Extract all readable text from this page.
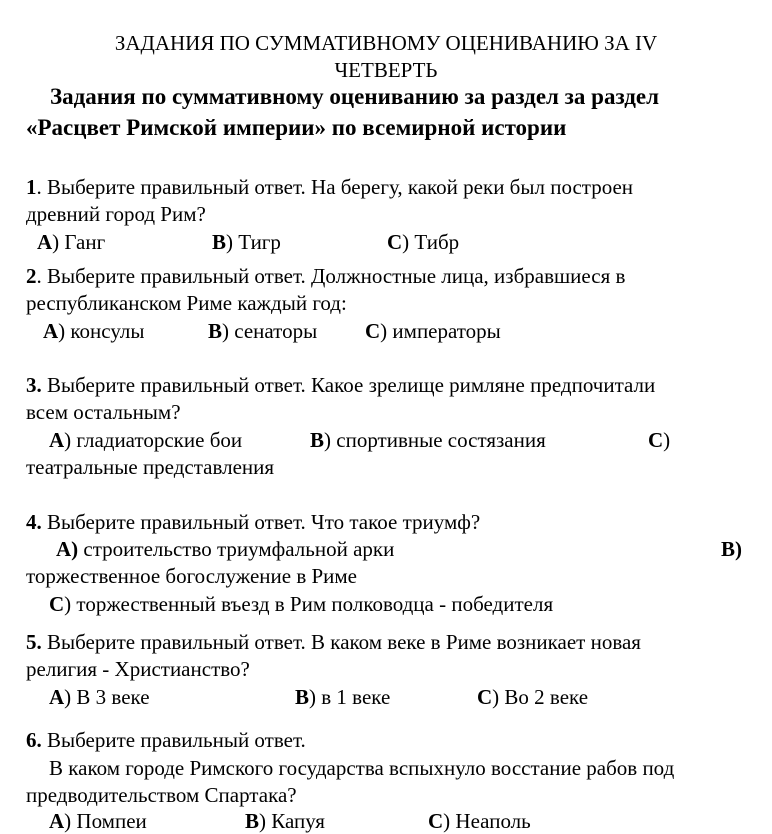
ЗАДАНИЯ ПО СУММАТИВНОМУ ОЦЕНИВАНИЮ ЗА IV
ЧЕТВЕРТЬ
Задания по суммативному оцениванию за раздел за раздел
«Расцвет Римской империи» по всемирной истории
1. Выберите правильный ответ. На берегу, какой реки был построен
древний город Рим?
А) Ганг	В) Тигр	С) Тибр
2. Выберите правильный ответ. Должностные лица, избравшиеся в
республиканском Риме каждый год:
А) консулы	В) сенаторы С) императоры
3. Выберите правильный ответ. Какое зрелище римляне предпочитали
всем остальным?
А) гладиаторские бои	В) спортивные состязания	С)
театральные представления
4. Выберите правильный ответ. Что такое триумф?
А) строительство триумфальной арки	В)
торжественное богослужение в Риме
С) торжественный въезд в Рим полководца - победителя
5. Выберите правильный ответ. В каком веке в Риме возникает новая
религия - Христианство?
А) В 3 веке	В) в 1 веке	С) Во 2 веке
6. Выберите правильный ответ.
В каком городе Римского государства вспыхнуло восстание рабов под
предводительством Спартака?
А) Помпеи	В) Капуя	С) Неаполь
